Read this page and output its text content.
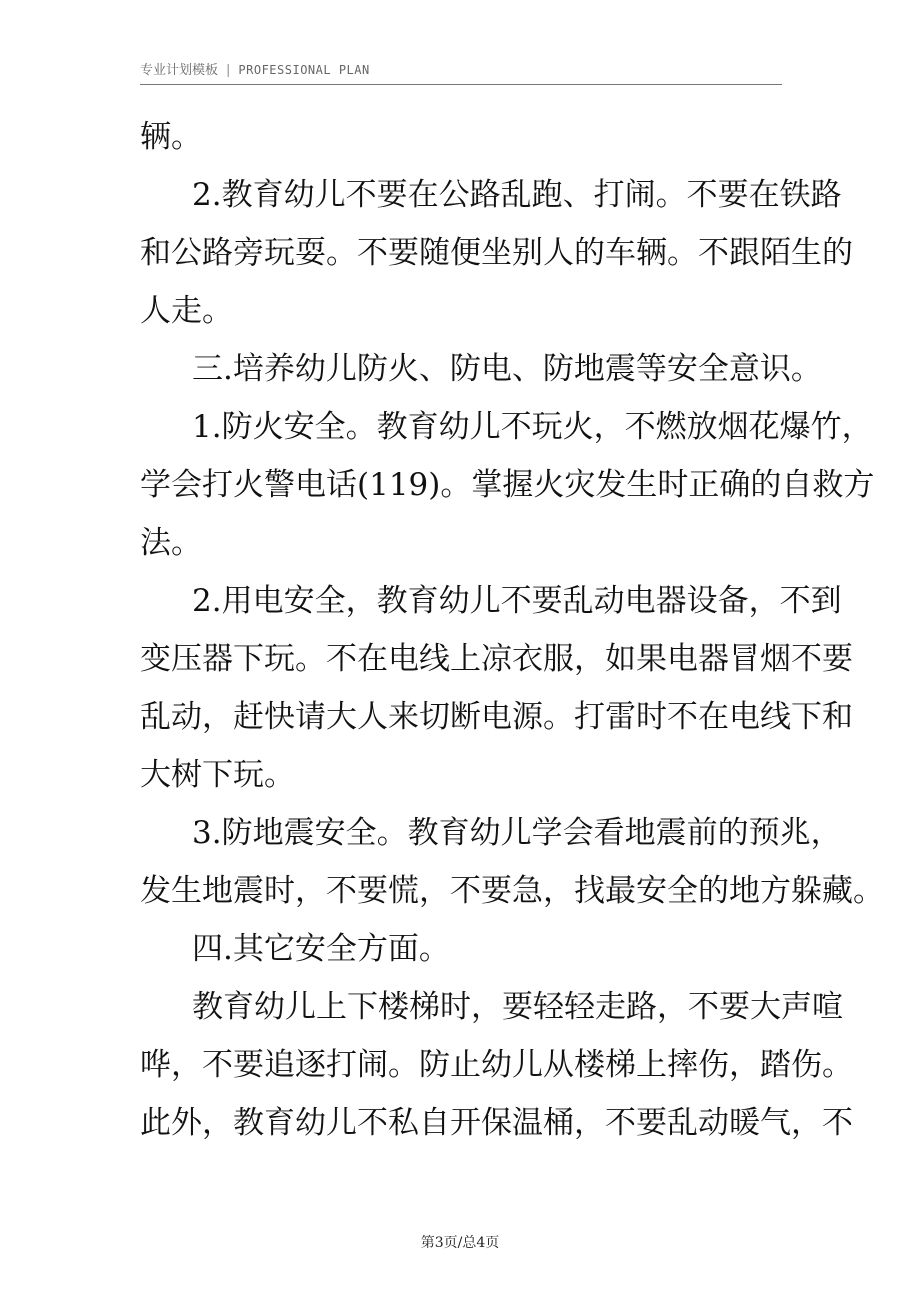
专业计划模板 | PROFESSIONAL PLAN
辆。
2.教育幼儿不要在公路乱跑、打闹。不要在铁路
和公路旁玩耍。不要随便坐别人的车辆。不跟陌生的
人走。
三.培养幼儿防火、防电、防地震等安全意识。
1.防火安全。教育幼儿不玩火，不燃放烟花爆竹，
学会打火警电话(119)。掌握火灾发生时正确的自救方
法。
2.用电安全，教育幼儿不要乱动电器设备，不到
变压器下玩。不在电线上凉衣服，如果电器冒烟不要
乱动，赶快请大人来切断电源。打雷时不在电线下和
大树下玩。
3.防地震安全。教育幼儿学会看地震前的预兆，
发生地震时，不要慌，不要急，找最安全的地方躲藏。
四.其它安全方面。
教育幼儿上下楼梯时，要轻轻走路，不要大声喧
哗，不要追逐打闹。防止幼儿从楼梯上摔伤，踏伤。
此外，教育幼儿不私自开保温桶，不要乱动暖气，不
第3页/总4页
